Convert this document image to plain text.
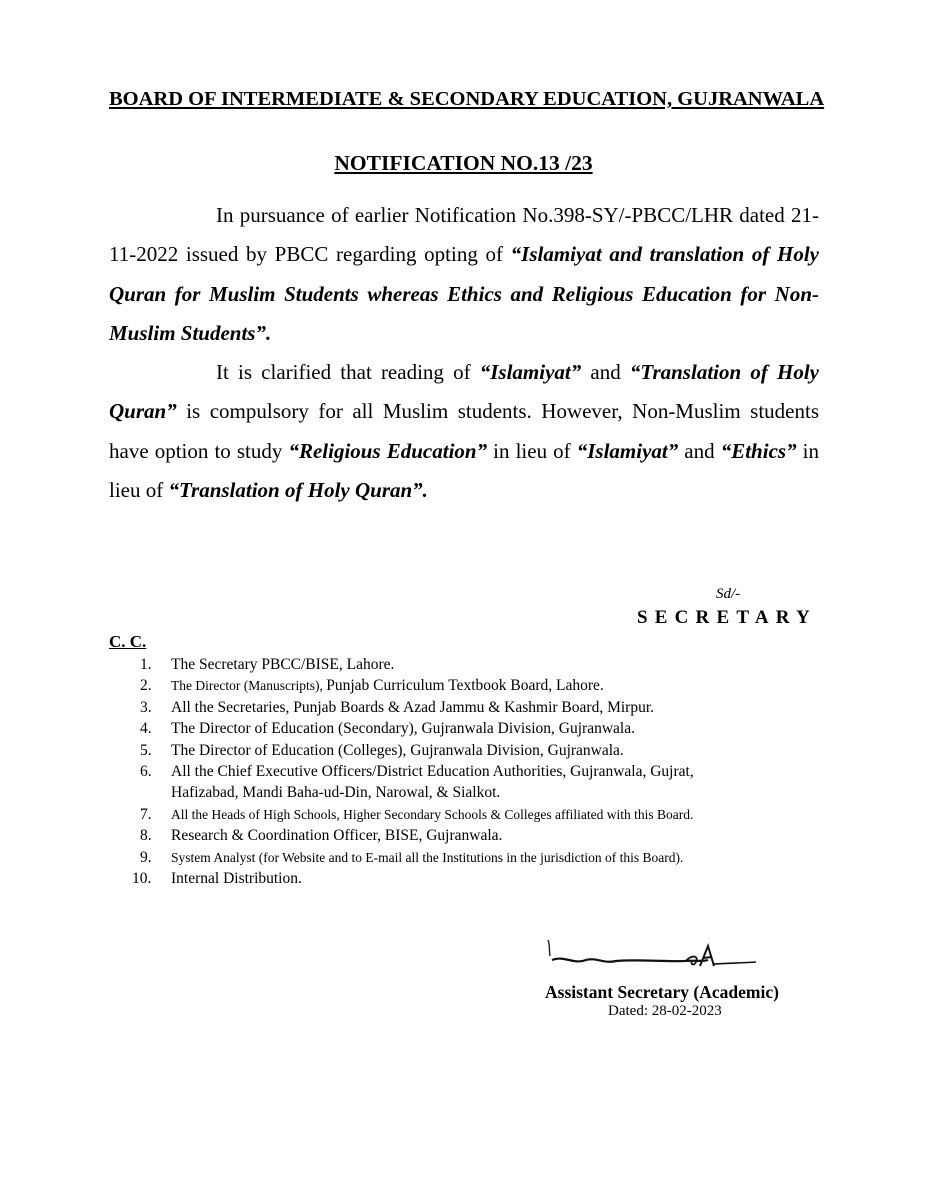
BOARD OF INTERMEDIATE & SECONDARY EDUCATION, GUJRANWALA
NOTIFICATION NO.13 /23

In pursuance of earlier Notification No.398-SY/-PBCC/LHR dated 21-11-2022 issued by PBCC regarding opting of “Islamiyat and translation of Holy Quran for Muslim Students whereas Ethics and Religious Education for Non-Muslim Students”.

It is clarified that reading of “Islamiyat” and “Translation of Holy Quran” is compulsory for all Muslim students. However, Non-Muslim students have option to study “Religious Education” in lieu of “Islamiyat” and “Ethics” in lieu of “Translation of Holy Quran”.

Sd/-
SECRETARY
C. C.
1.	The Secretary PBCC/BISE, Lahore.
2.	The Director (Manuscripts), Punjab Curriculum Textbook Board, Lahore.
3.	All the Secretaries, Punjab Boards & Azad Jammu & Kashmir Board, Mirpur.
4.	The Director of Education (Secondary), Gujranwala Division, Gujranwala.
5.	The Director of Education (Colleges), Gujranwala Division, Gujranwala.
6.	All the Chief Executive Officers/District Education Authorities, Gujranwala, Gujrat,
Hafizabad, Mandi Baha-ud-Din, Narowal, & Sialkot.
7.	All the Heads of High Schools, Higher Secondary Schools & Colleges affiliated with this Board.
8.	Research & Coordination Officer, BISE, Gujranwala.
9.	System Analyst (for Website and to E-mail all the Institutions in the jurisdiction of this Board).
10. Internal Distribution.
Assistant Secretary (Academic)
Dated: 28-02-2023
